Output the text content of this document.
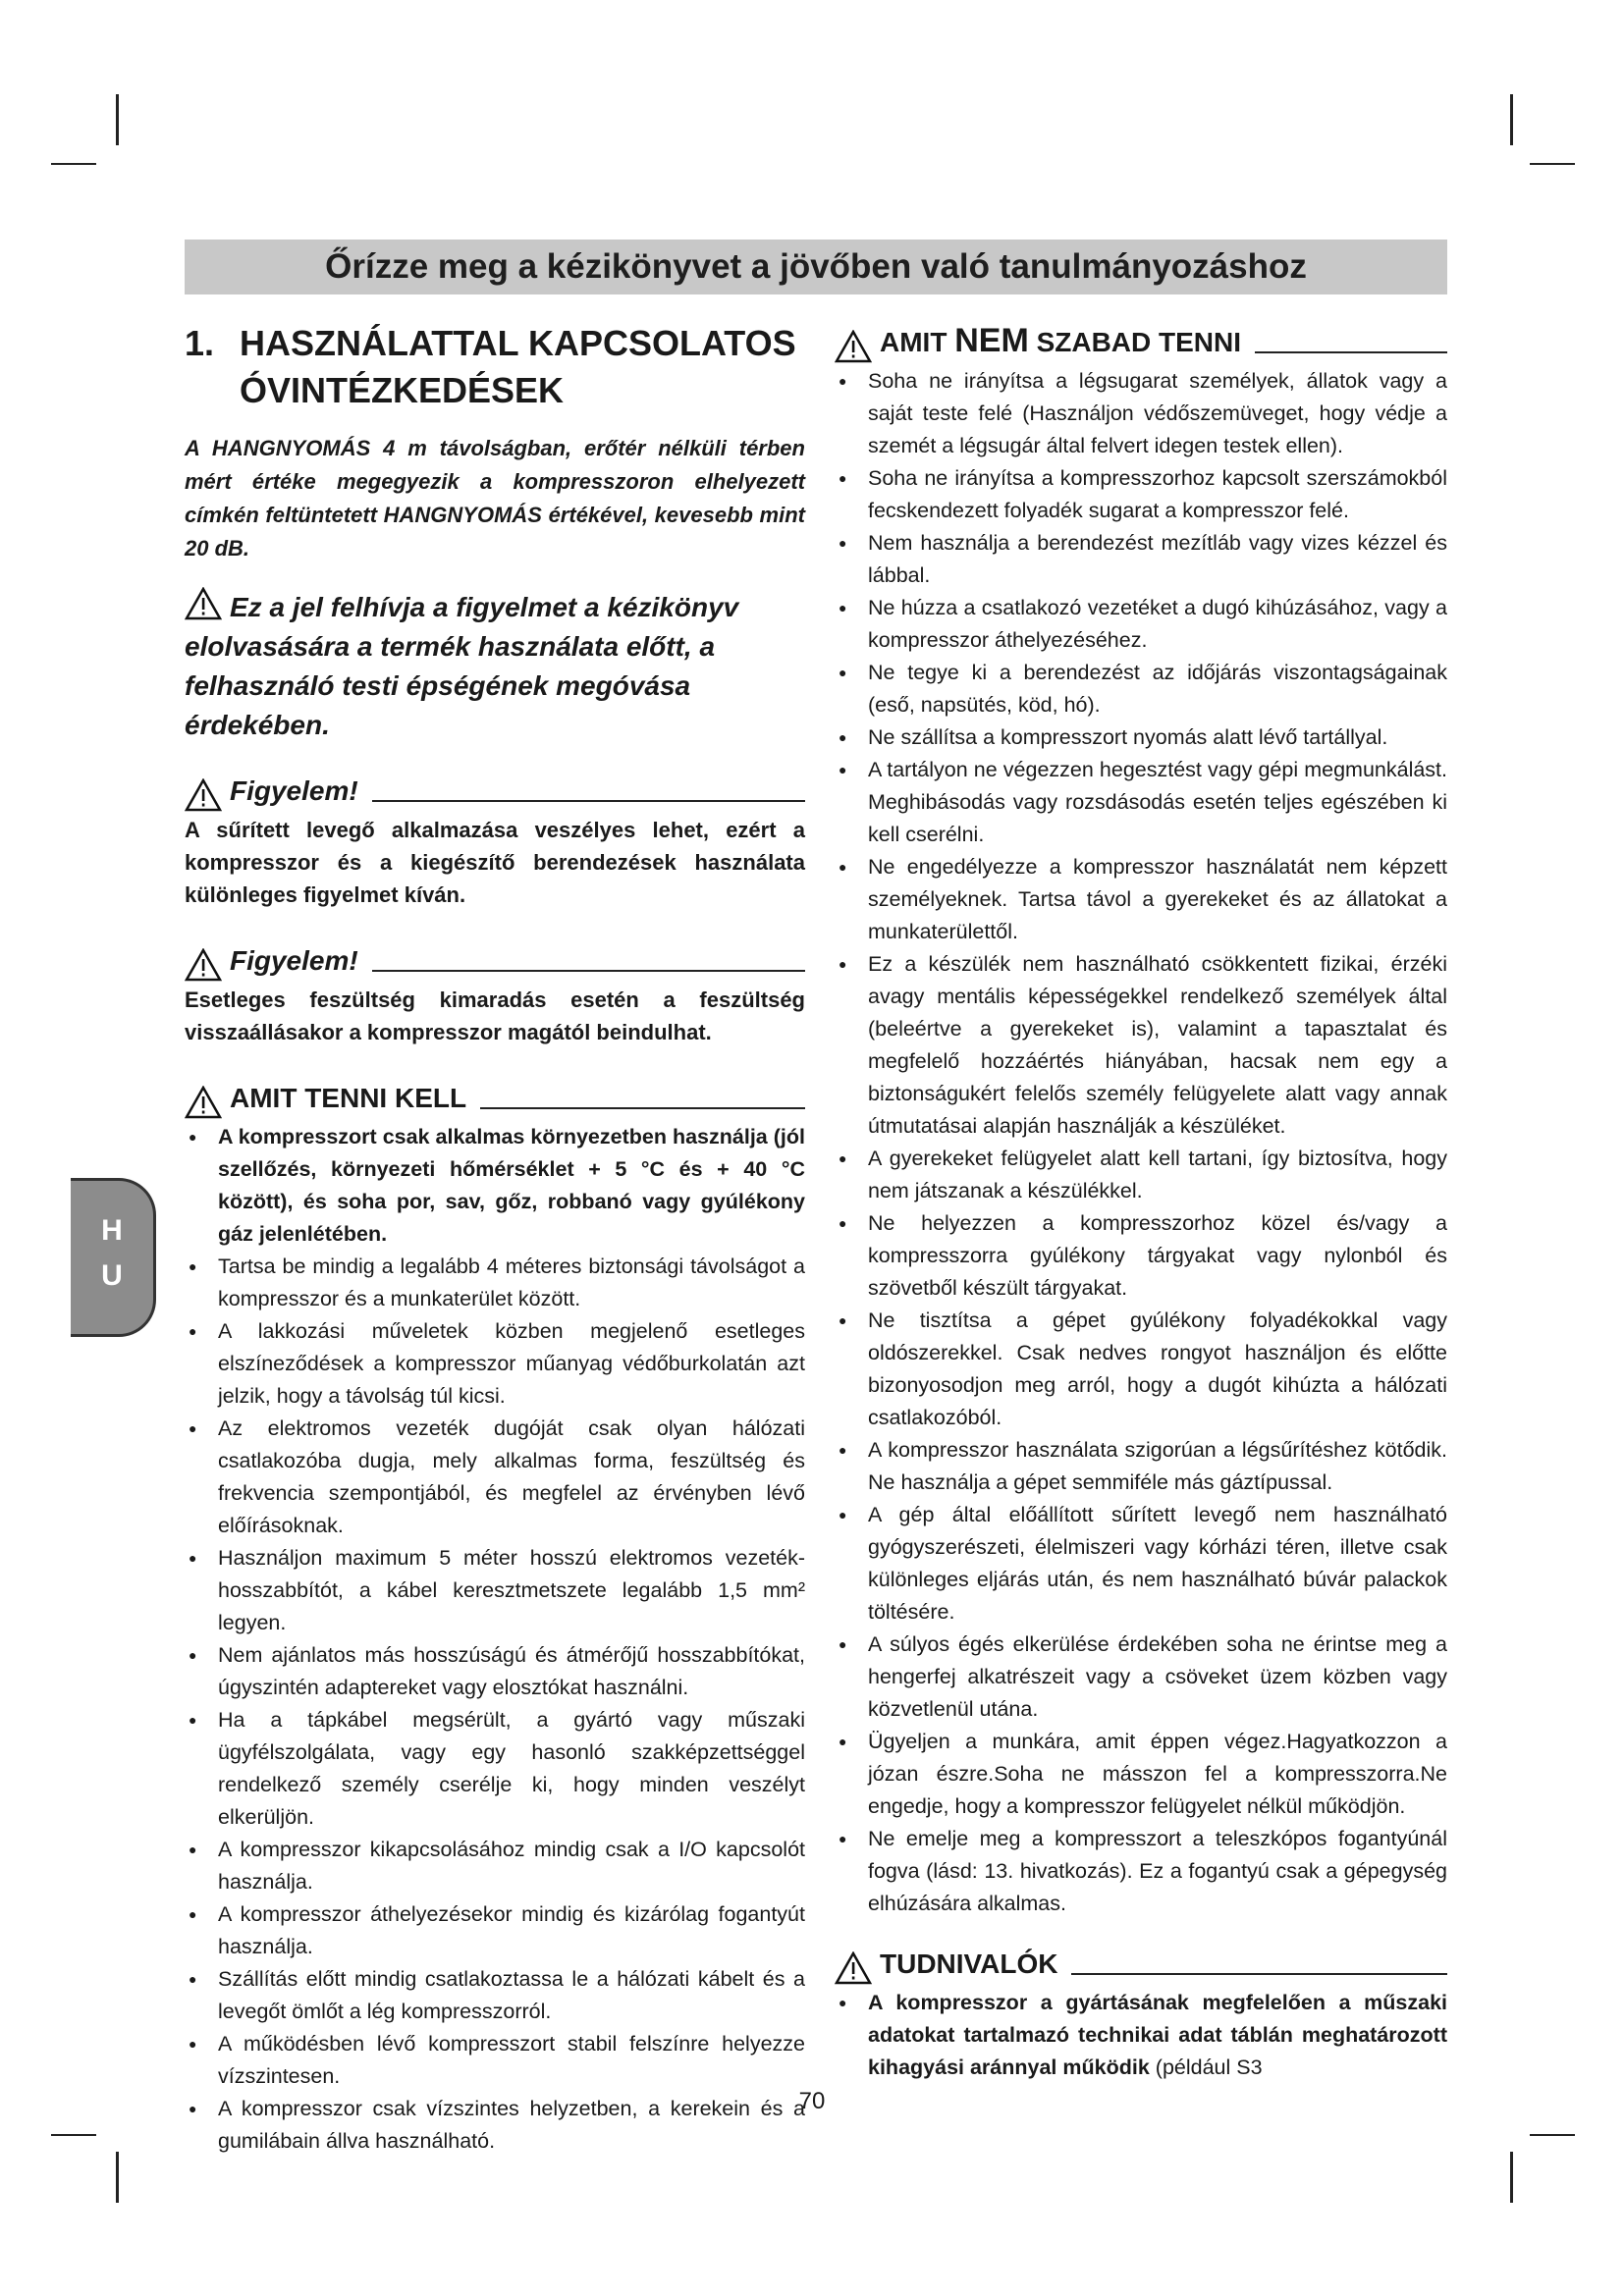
Őrízze meg a kézikönyvet a jövőben való tanulmányozáshoz
1. HASZNÁLATTAL KAPCSOLATOS
ÓVINTÉZKEDÉSEK

A HANGNYOMÁS 4 m távolságban, erőtér nélküli térben mért értéke megegyezik a kompresszoron elhelyezett címkén feltüntetett HANGNYOMÁS értékével, kevesebb mint 20 dB.

Ez a jel felhívja a figyelmet a kézikönyv elolvasására a termék használata előtt, a felhasználó testi épségének megóvása érdekében.
Figyelem!

A sűrített levegő alkalmazása veszélyes lehet, ezért a kompresszor és a kiegészítő berendezések használata különleges figyelmet kíván.

Figyelem!

Esetleges feszültség kimaradás esetén a feszültség visszaállásakor a kompresszor magától beindulhat.

AMIT TENNI KELL
● A kompresszort csak alkalmas környezetben használja (jól szellőzés, környezeti hőmérséklet + 5 °C és + 40 °C között), és soha por, sav, gőz, robbanó vagy gyúlékony gáz jelenlétében.
● Tartsa be mindig a legalább 4 méteres biztonsági távolságot a kompresszor és a munkaterület között.
● A lakkozási műveletek közben megjelenő esetleges elszíneződések a kompresszor műanyag védőburkolatán azt jelzik, hogy a távolság túl kicsi.
● Az elektromos vezeték dugóját csak olyan hálózati csatlakozóba dugja, mely alkalmas forma, feszültség és frekvencia szempontjából, és megfelel az érvényben lévő előírásoknak.
● Használjon maximum 5 méter hosszú elektromos vezeték-hosszabbítót, a kábel keresztmetszete legalább 1,5 mm² legyen.
● Nem ajánlatos más hosszúságú és átmérőjű hosszabbítókat, úgyszintén adaptereket vagy elosztókat használni.
● Ha a tápkábel megsérült, a gyártó vagy műszaki ügyfélszolgálata, vagy egy hasonló szakképzettséggel rendelkező személy cserélje ki, hogy minden veszélyt elkerüljön.
● A kompresszor kikapcsolásához mindig csak a I/O kapcsolót használja.
● A kompresszor áthelyezésekor mindig és kizárólag fogantyút használja.
● Szállítás előtt mindig csatlakoztassa le a hálózati kábelt és a levegőt ömlőt a lég kompresszorról.
● A működésben lévő kompresszort stabil felszínre helyezze vízszintesen.
● A kompresszor csak vízszintes helyzetben, a kerekein és a gumilábain állva használható.
AMIT NEM SZABAD TENNI
● Soha ne irányítsa a légsugarat személyek, állatok vagy a saját teste felé (Használjon védőszemüveget, hogy védje a szemét a légsugár által felvert idegen testek ellen).
● Soha ne irányítsa a kompresszorhoz kapcsolt szerszámokból fecskendezett folyadék sugarat a kompresszor felé.
● Nem használja a berendezést mezítláb vagy vizes kézzel és lábbal.
● Ne húzza a csatlakozó vezetéket a dugó kihúzásához, vagy a kompresszor áthelyezéséhez.
● Ne tegye ki a berendezést az időjárás viszontagságainak (eső, napsütés, köd, hó).
● Ne szállítsa a kompresszort nyomás alatt lévő tartállyal.
● A tartályon ne végezzen hegesztést vagy gépi megmunkálást. Meghibásodás vagy rozsdásodás esetén teljes egészében ki kell cserélni.
● Ne engedélyezze a kompresszor használatát nem képzett személyeknek. Tartsa távol a gyerekeket és az állatokat a munkaterülettől.
● Ez a készülék nem használható csökkentett fizikai, érzéki avagy mentális képességekkel rendelkező személyek által (beleértve a gyerekeket is), valamint a tapasztalat és megfelelő hozzáértés hiányában, hacsak nem egy a biztonságukért felelős személy felügyelete alatt vagy annak útmutatásai alapján használják a készüléket.
● A gyerekeket felügyelet alatt kell tartani, így biztosítva, hogy nem játszanak a készülékkel.
● Ne helyezzen a kompresszorhoz közel és/vagy a kompresszorra gyúlékony tárgyakat vagy nylonból és szövetből készült tárgyakat.
● Ne tisztítsa a gépet gyúlékony folyadékokkal vagy oldószerekkel. Csak nedves rongyot használjon és előtte bizonyosodjon meg arról, hogy a dugót kihúzta a hálózati csatlakozóból.
● A kompresszor használata szigorúan a légsűrítéshez kötődik. Ne használja a gépet semmiféle más gáztípussal.
● A gép által előállított sűrített levegő nem használható gyógyszerészeti, élelmiszeri vagy kórházi téren, illetve csak különleges eljárás után, és nem használható búvár palackok töltésére.
● A súlyos égés elkerülése érdekében soha ne érintse meg a hengerfej alkatrészeit vagy a csöveket üzem közben vagy közvetlenül utána.
● Ügyeljen a munkára, amit éppen végez.Hagyatkozzon a józan észre.Soha ne másszon fel a kompresszorra.Ne engedje, hogy a kompresszor felügyelet nélkül működjön.
● Ne emelje meg a kompresszort a teleszkópos fogantyúnál fogva (lásd: 13. hivatkozás). Ez a fogantyú csak a gépegység elhúzására alkalmas.
TUDNIVALÓK
● A kompresszor a gyártásának megfelelően a műszaki adatokat tartalmazó technikai adat táblán meghatározott kihagyási aránnyal működik (például S3
H
U
70
